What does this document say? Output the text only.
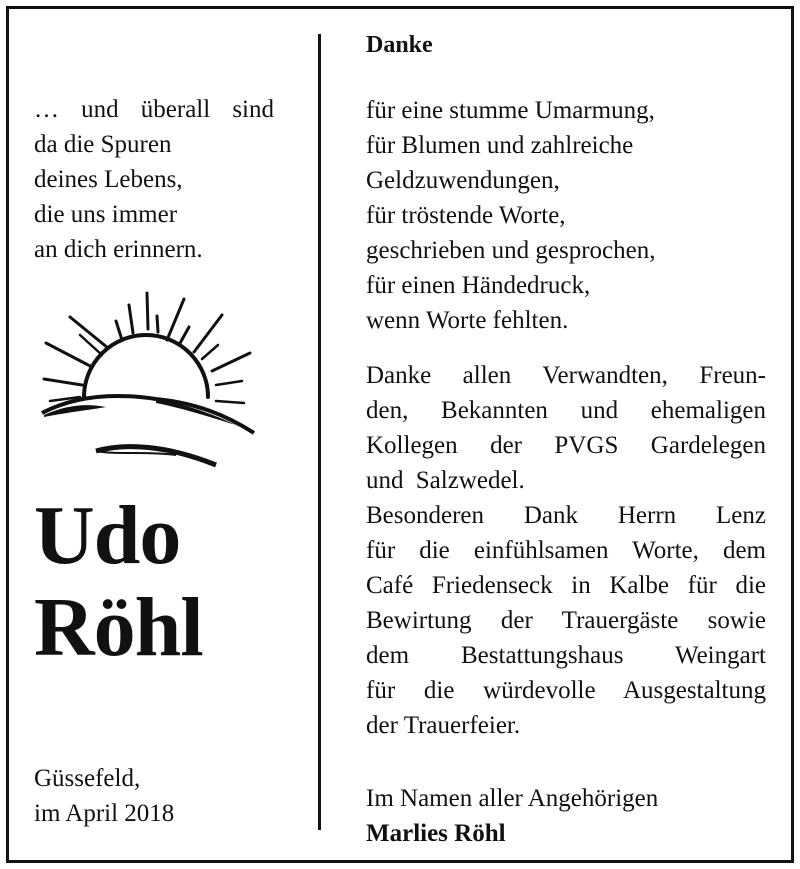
… und überall sind
da die Spuren
deines Lebens,
die uns immer
an dich erinnern.
Udo
Röhl
Güssefeld,
im April 2018
Danke
für eine stumme Umarmung,
für Blumen und zahlreiche
Geldzuwendungen,
für tröstende Worte,
geschrieben und gesprochen,
für einen Händedruck,
wenn Worte fehlten.
Danke allen Verwandten, Freun-
den, Bekannten und ehemaligen
Kollegen der PVGS Gardelegen
und Salzwedel.
Besonderen Dank Herrn Lenz
für die einfühlsamen Worte, dem
Café Friedenseck in Kalbe für die
Bewirtung der Trauergäste sowie
dem Bestattungshaus Weingart
für die würdevolle Ausgestaltung
der Trauerfeier.
Im Namen aller Angehörigen
Marlies Röhl
